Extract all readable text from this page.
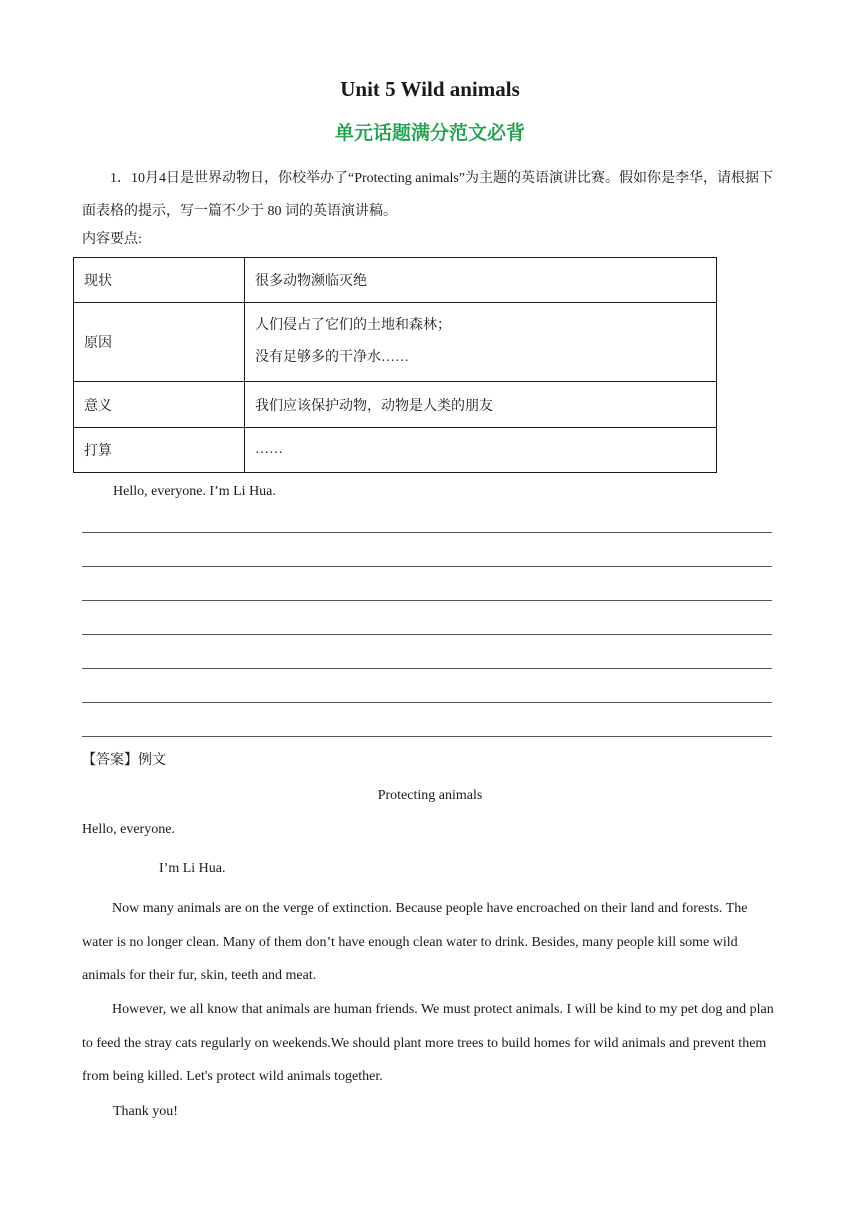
Unit 5 Wild animals
单元话题满分范文必背
1．10月4日是世界动物日，你校举办了“Protecting animals”为主题的英语演讲比赛。假如你是李华，请根据下面表格的提示，写一篇不少于 80 词的英语演讲稿。
内容要点:
现状	很多动物濒临灭绝
原因	人们侵占了它们的土地和森林；
没有足够多的干净水……

意义	我们应该保护动物，动物是人类的朋友
打算	……
Hello, everyone. I’m Li Hua.
【答案】例文
Protecting animals
Hello, everyone.
I’m Li Hua.
Now many animals are on the verge of extinction. Because people have encroached on their land and forests. The water is no longer clean. Many of them don’t have enough clean water to drink. Besides, many people kill some wild animals for their fur, skin, teeth and meat.
However, we all know that animals are human friends. We must protect animals. I will be kind to my pet dog and plan to feed the stray cats regularly on weekends.We should plant more trees to build homes for wild animals and prevent them from being killed. Let's protect wild animals together.
Thank you!
